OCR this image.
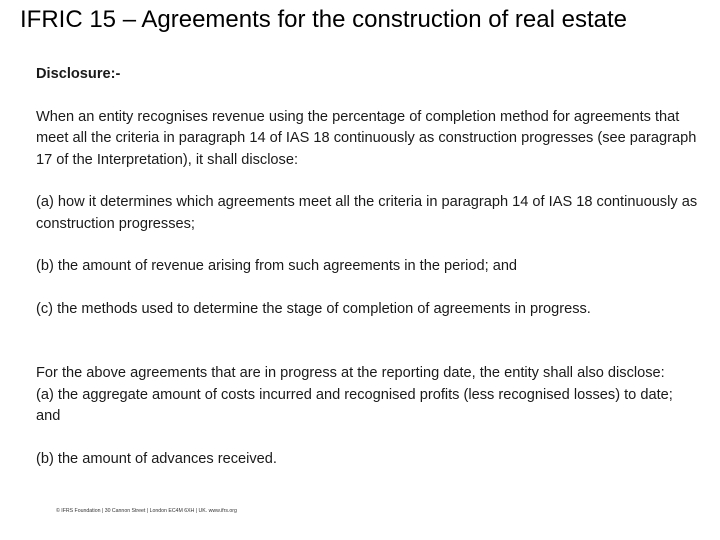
IFRIC 15 – Agreements for the construction of real estate

Disclosure:-

When an entity recognises revenue using the percentage of completion method for agreements that meet all the criteria in paragraph 14 of IAS 18 continuously as construction progresses (see paragraph 17 of the Interpretation), it shall disclose:

(a) how it determines which agreements meet all the criteria in paragraph 14 of IAS 18 continuously as construction progresses;

(b) the amount of revenue arising from such agreements in the period; and

(c) the methods used to determine the stage of completion of agreements in progress.

For the above agreements that are in progress at the reporting date, the entity shall also disclose:

(a) the aggregate amount of costs incurred and recognised profits (less recognised losses) to date; and

(b) the amount of advances received.

© IFRS Foundation | 30 Cannon Street | London EC4M 6XH | UK. www.ifrs.org
